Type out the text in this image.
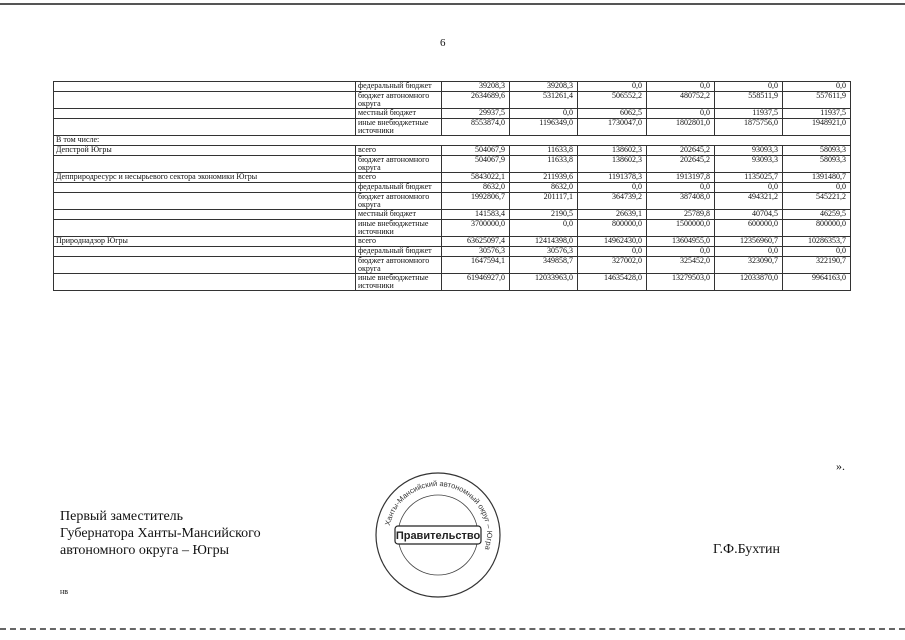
6
	федеральный бюджет	39208,3	39208,3	0,0	0,0	0,0	0,0
	бюджет автономного округа	2634689,6	531261,4	506552,2	480752,2	558511,9	557611,9
	местный бюджет	29937,5	0,0	6062,5	0,0	11937,5	11937,5
	иные внебюджетные источники	8553874,0	1196349,0	1730047,0	1802801,0	1875756,0	1948921,0
В том числе:							
Депстрой Югры	всего	504067,9	11633,8	138602,3	202645,2	93093,3	58093,3
	бюджет автономного округа	504067,9	11633,8	138602,3	202645,2	93093,3	58093,3
Депприродресурс и несырьевого сектора экономики Югры	всего	5843022,1	211939,6	1191378,3	1913197,8	1135025,7	1391480,7
	федеральный бюджет	8632,0	8632,0	0,0	0,0	0,0	0,0
	бюджет автономного округа	1992806,7	201117,1	364739,2	387408,0	494321,2	545221,2
	местный бюджет	141583,4	2190,5	26639,1	25789,8	40704,5	46259,5
	иные внебюджетные источники	3700000,0	0,0	800000,0	1500000,0	600000,0	800000,0
Природнадзор Югры	всего	63625097,4	12414398,0	14962430,0	13604955,0	12356960,7	10286353,7
	федеральный бюджет	30576,3	30576,3	0,0	0,0	0,0	0,0
	бюджет автономного округа	1647594,1	349858,7	327002,0	325452,0	323090,7	322190,7
	иные внебюджетные источники	61946927,0	12033963,0	14635428,0	13279503,0	12033870,0	9964163,0
».
Первый заместитель
Губернатора Ханты-Мансийского
автономного округа – Югры	Г.Ф.Бухтин
нв
Ханты-Мансийский автономный округ – Югра
Правительство
